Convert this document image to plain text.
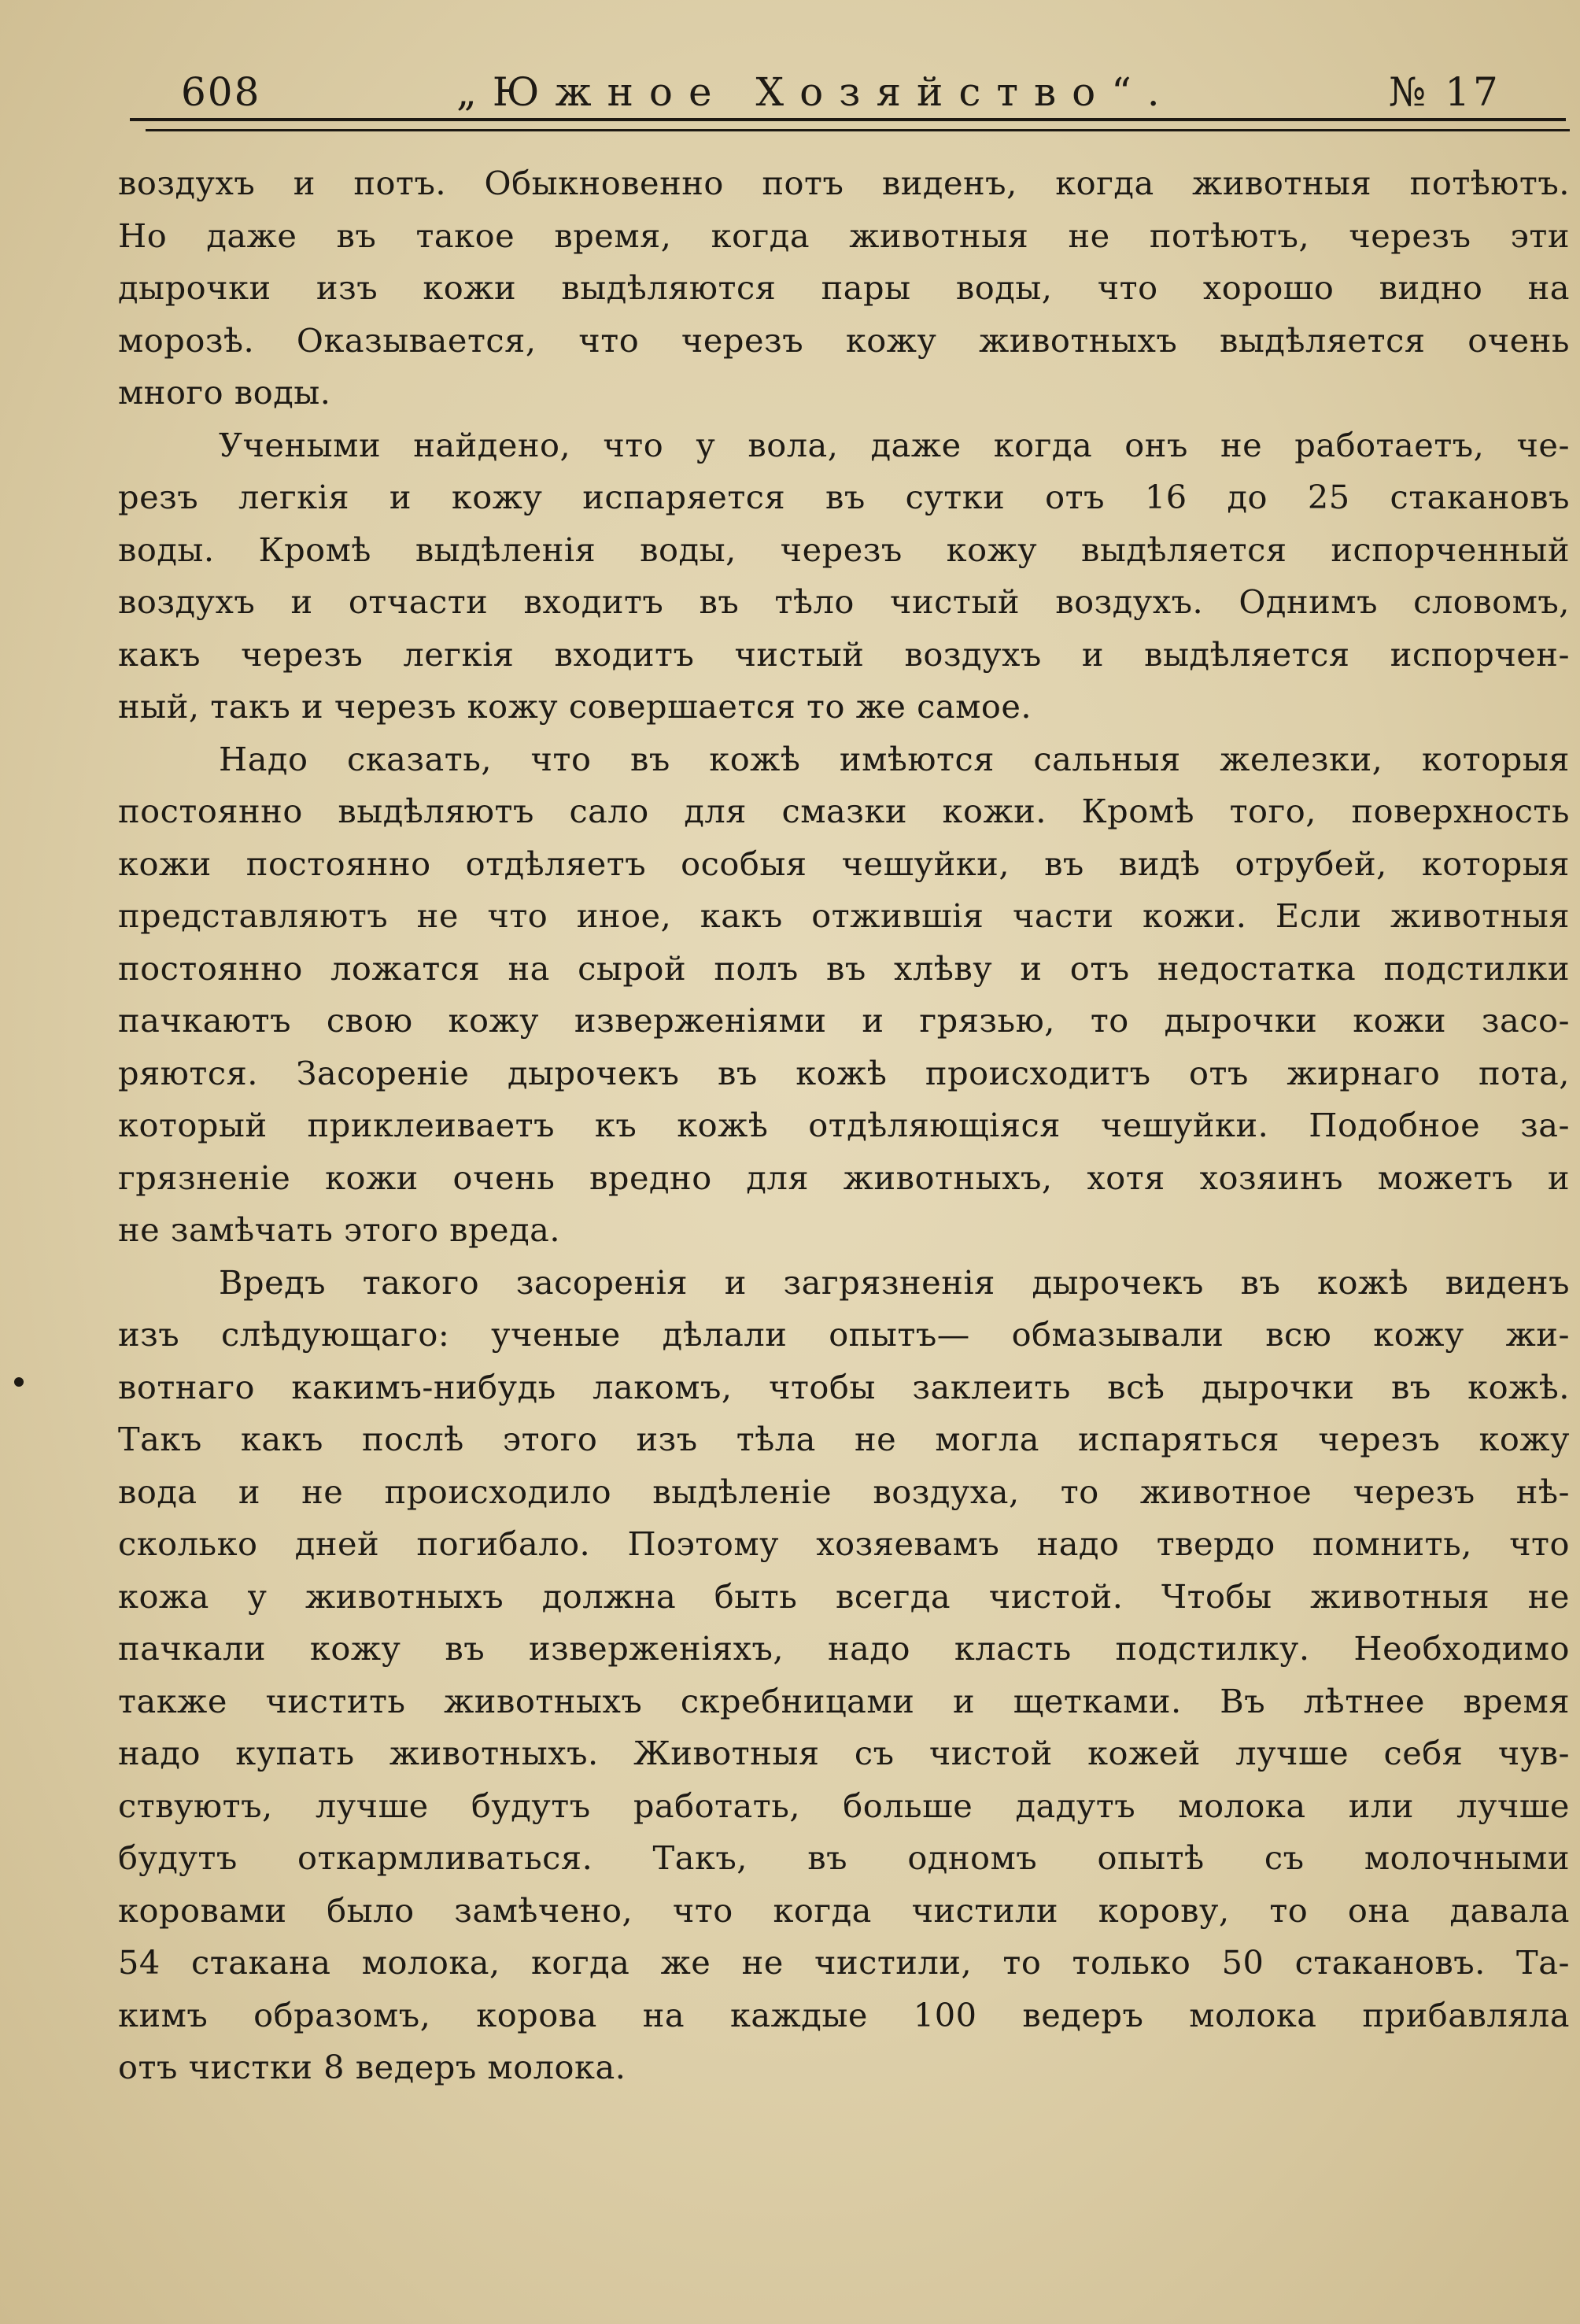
608	„Южное Хозяйство“.	№ 17
воздухъ и потъ. Обыкновенно потъ виденъ, когда животныя потѣютъ.
Но даже въ такое время, когда животныя не потѣютъ, черезъ эти
дырочки изъ кожи выдѣляются пары воды, что хорошо видно на
морозѣ. Оказывается, что черезъ кожу животныхъ выдѣляется очень
много воды.
Учеными найдено, что у вола, даже когда онъ не работаетъ, че-
резъ легкія и кожу испаряется въ сутки отъ 16 до 25 стакановъ
воды. Кромѣ выдѣленія воды, черезъ кожу выдѣляется испорченный
воздухъ и отчасти входитъ въ тѣло чистый воздухъ. Однимъ словомъ,
какъ черезъ легкія входитъ чистый воздухъ и выдѣляется испорчен-
ный, такъ и черезъ кожу совершается то же самое.
Надо сказать, что въ кожѣ имѣются сальныя железки, которыя
постоянно выдѣляютъ сало для смазки кожи. Кромѣ того, поверхность
кожи постоянно отдѣляетъ особыя чешуйки, въ видѣ отрубей, которыя
представляютъ не что иное, какъ отжившія части кожи. Если животныя
постоянно ложатся на сырой полъ въ хлѣву и отъ недостатка подстилки
пачкаютъ свою кожу изверженіями и грязью, то дырочки кожи засо-
ряются. Засореніе дырочекъ въ кожѣ происходитъ отъ жирнаго пота,
который приклеиваетъ къ кожѣ отдѣляющіяся чешуйки. Подобное за-
грязненіе кожи очень вредно для животныхъ, хотя хозяинъ можетъ и
не замѣчать этого вреда.
Вредъ такого засоренія и загрязненія дырочекъ въ кожѣ виденъ
изъ слѣдующаго: ученые дѣлали опытъ— обмазывали всю кожу жи-
вотнаго какимъ-нибудь лакомъ, чтобы заклеить всѣ дырочки въ кожѣ.
Такъ какъ послѣ этого изъ тѣла не могла испаряться черезъ кожу
вода и не происходило выдѣленіе воздуха, то животное черезъ нѣ-
сколько дней погибало. Поэтому хозяевамъ надо твердо помнить, что
кожа у животныхъ должна быть всегда чистой. Чтобы животныя не
пачкали кожу въ изверженіяхъ, надо класть подстилку. Необходимо
также чистить животныхъ скребницами и щетками. Въ лѣтнее время
надо купать животныхъ. Животныя съ чистой кожей лучше себя чув-
ствуютъ, лучше будутъ работать, больше дадутъ молока или лучше
будутъ откармливаться. Такъ, въ одномъ опытѣ съ молочными
коровами было замѣчено, что когда чистили корову, то она давала
54 стакана молока, когда же не чистили, то только 50 стакановъ. Та-
кимъ образомъ, корова на каждые 100 ведеръ молока прибавляла
отъ чистки 8 ведеръ молока.
